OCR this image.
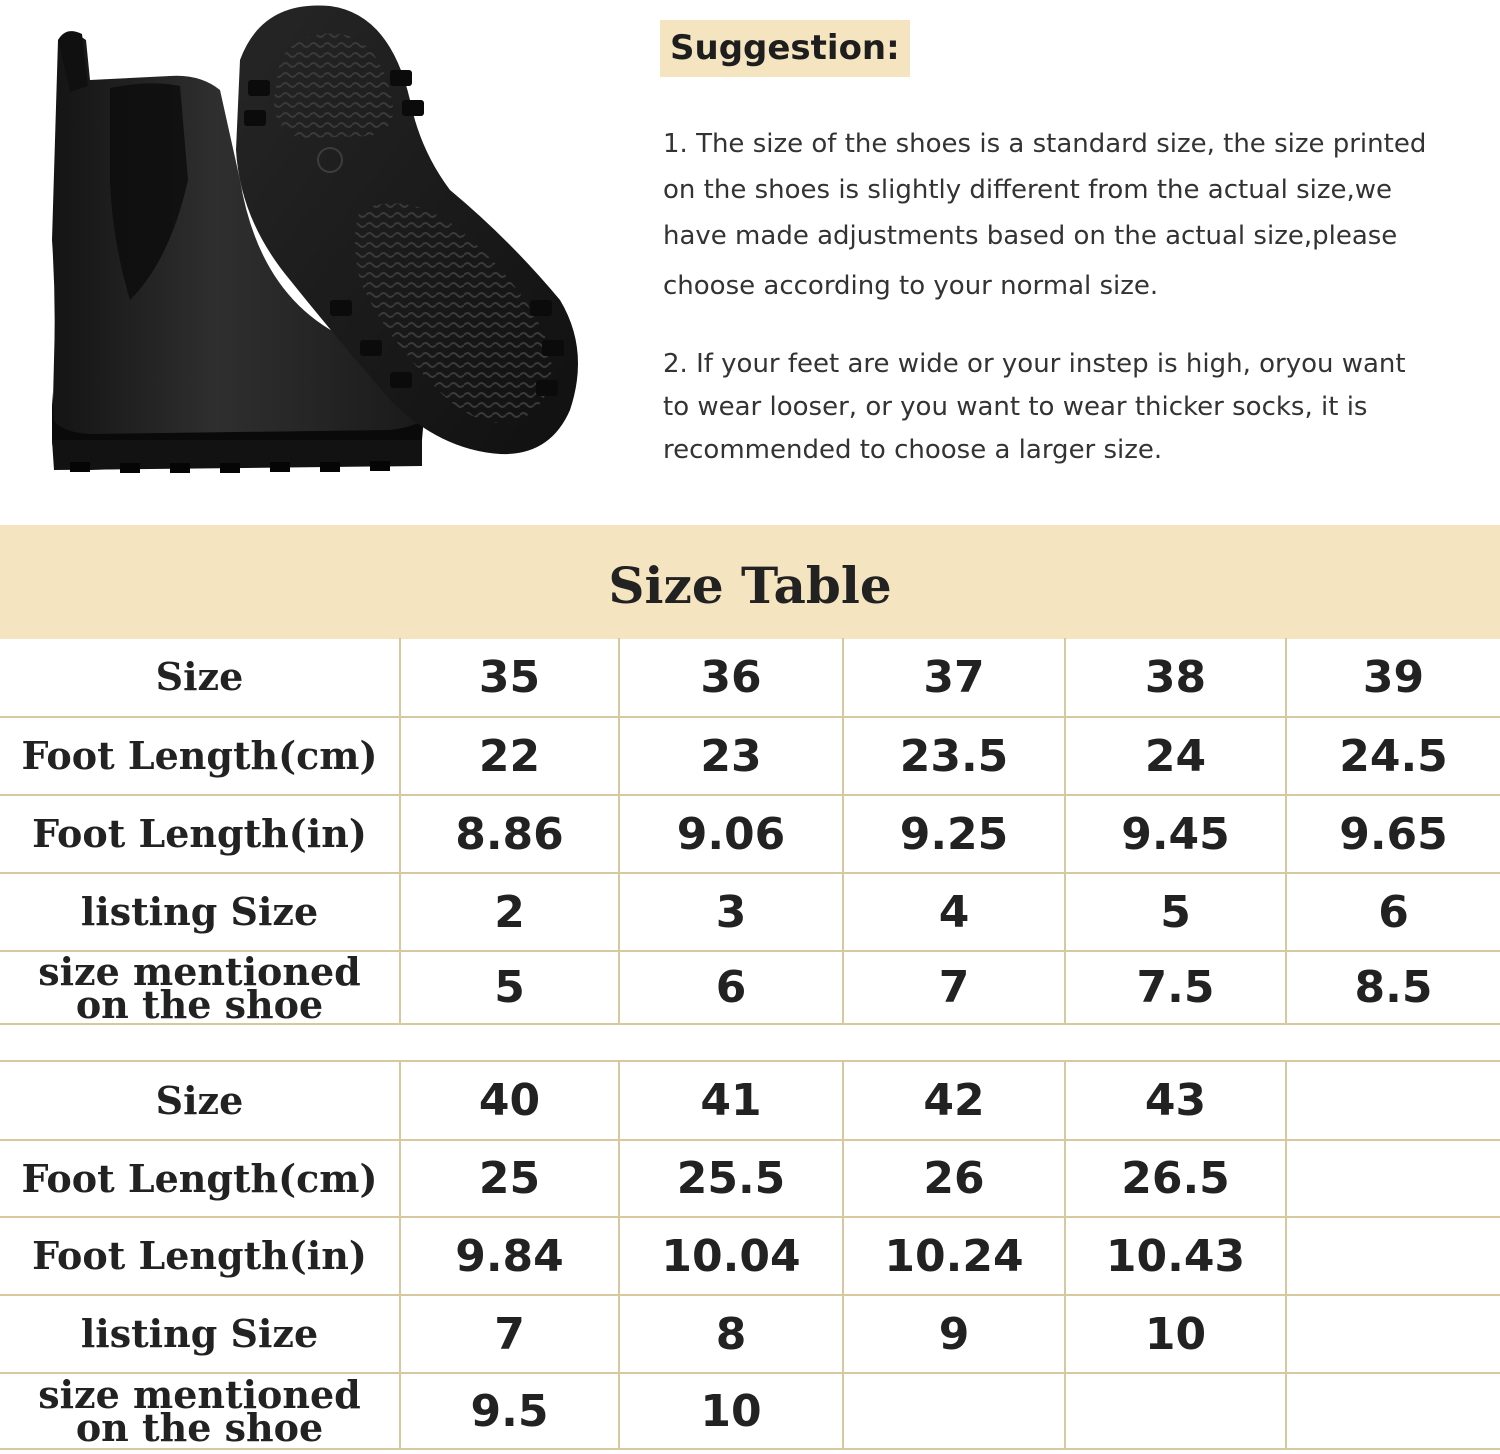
Suggestion:

1. The size of the shoes is a standard size, the size printed
on the shoes is slightly different from the actual size,we
have made adjustments based on the actual size,please
choose according to your normal size.

2. If your feet are wide or your instep is high, oryou want
to wear looser, or you want to wear thicker socks, it is
recommended to choose a larger size.

Size Table
Size	35	36	37	38	39
Foot Length(cm)	22	23	23.5	24	24.5
Foot Length(in)	8.86	9.06	9.25	9.45	9.65
listing Size	2	3	4	5	6

size mentioned
on the shoe	5	6	7	7.5	8.5
Size	40	41	42	43	
Foot Length(cm)	25	25.5	26	26.5	
Foot Length(in)	9.84	10.04	10.24	10.43	
listing Size	7	8	9	10	

size mentioned
on the shoe	9.5	10			
